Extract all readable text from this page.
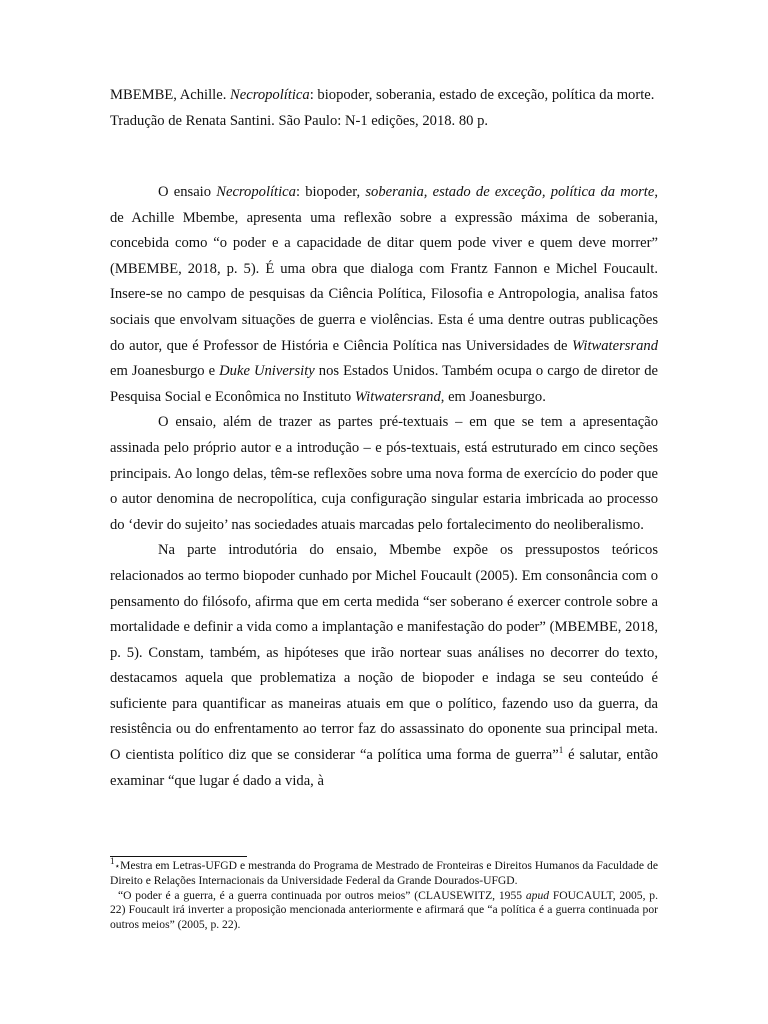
MBEMBE, Achille. Necropolítica: biopoder, soberania, estado de exceção, política da morte. Tradução de Renata Santini. São Paulo: N-1 edições, 2018. 80 p.

O ensaio Necropolítica: biopoder, soberania, estado de exceção, política da morte, de Achille Mbembe, apresenta uma reflexão sobre a expressão máxima de soberania, concebida como “o poder e a capacidade de ditar quem pode viver e quem deve morrer” (MBEMBE, 2018, p. 5). É uma obra que dialoga com Frantz Fannon e Michel Foucault. Insere-se no campo de pesquisas da Ciência Política, Filosofia e Antropologia, analisa fatos sociais que envolvam situações de guerra e violências. Esta é uma dentre outras publicações do autor, que é Professor de História e Ciência Política nas Universidades de Witwatersrand em Joanesburgo e Duke University nos Estados Unidos. Também ocupa o cargo de diretor de Pesquisa Social e Econômica no Instituto Witwatersrand, em Joanesburgo.

O ensaio, além de trazer as partes pré-textuais – em que se tem a apresentação assinada pelo próprio autor e a introdução – e pós-textuais, está estruturado em cinco seções principais. Ao longo delas, têm-se reflexões sobre uma nova forma de exercício do poder que o autor denomina de necropolítica, cuja configuração singular estaria imbricada ao processo do ‘devir do sujeito’ nas sociedades atuais marcadas pelo fortalecimento do neoliberalismo.

Na parte introdutória do ensaio, Mbembe expõe os pressupostos teóricos relacionados ao termo biopoder cunhado por Michel Foucault (2005). Em consonância com o pensamento do filósofo, afirma que em certa medida “ser soberano é exercer controle sobre a mortalidade e definir a vida como a implantação e manifestação do poder” (MBEMBE, 2018, p. 5). Constam, também, as hipóteses que irão nortear suas análises no decorrer do texto, destacamos aquela que problematiza a noção de biopoder e indaga se seu conteúdo é suficiente para quantificar as maneiras atuais em que o político, fazendo uso da guerra, da resistência ou do enfrentamento ao terror faz do assassinato do oponente sua principal meta. O cientista político diz que se considerar “a política uma forma de guerra”$^1$ é salutar, então examinar “que lugar é dado a vida, à

$^1$⋆Mestra em Letras-UFGD e mestranda do Programa de Mestrado de Fronteiras e Direitos Humanos da Faculdade de Direito e Relações Internacionais da Universidade Federal da Grande Dourados-UFGD.

“O poder é a guerra, é a guerra continuada por outros meios” (CLAUSEWITZ, 1955 apud FOUCAULT, 2005, p. 22) Foucault irá inverter a proposição mencionada anteriormente e afirmará que “a política é a guerra continuada por outros meios” (2005, p. 22).
